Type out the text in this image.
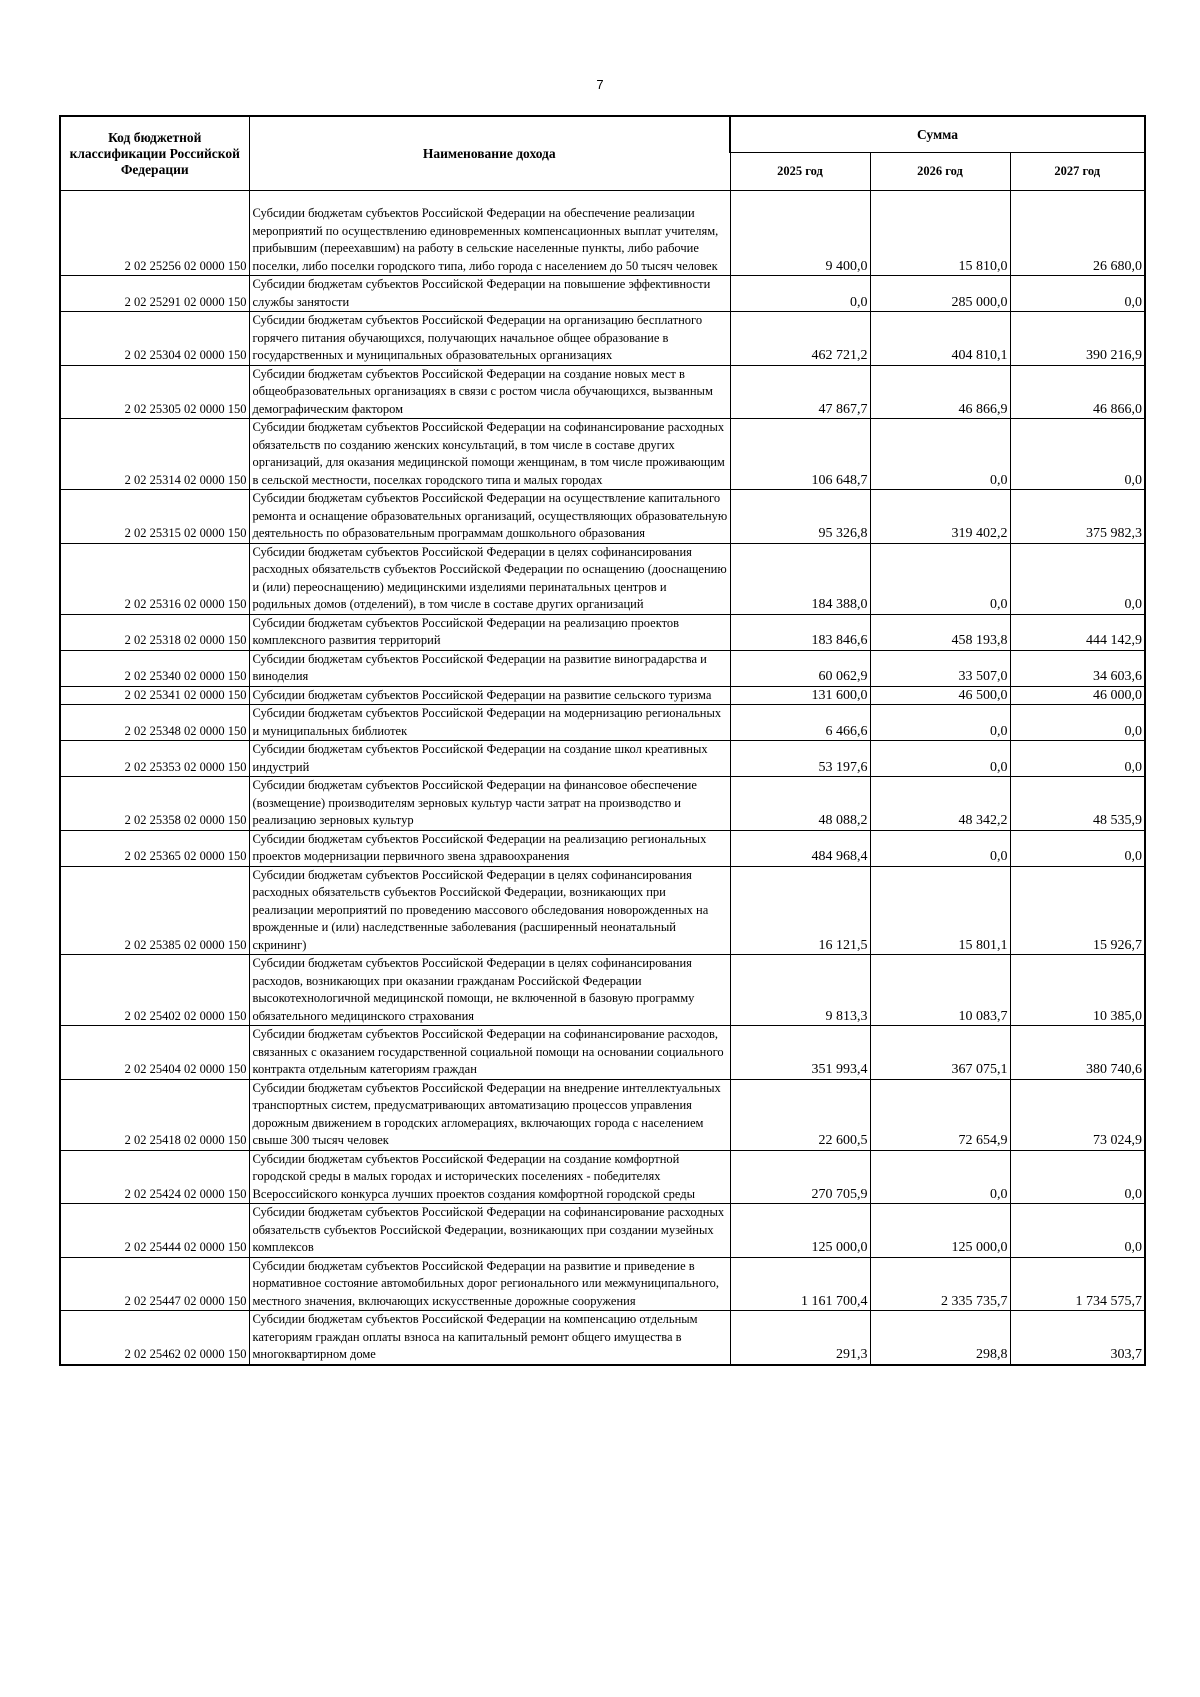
7
Код бюджетной классификации Российской Федерации	Наименование дохода	Сумма		
		2025 год	2026 год	2027 год
2 02 25256 02 0000 150	Субсидии бюджетам субъектов Российской Федерации на обеспечение реализации мероприятий по осуществлению единовременных компенсационных выплат учителям, прибывшим (переехавшим) на работу в сельские населенные пункты, либо рабочие поселки, либо поселки городского типа, либо города с населением до 50 тысяч человек	9 400,0	15 810,0	26 680,0
2 02 25291 02 0000 150	Субсидии бюджетам субъектов Российской Федерации на повышение эффективности службы занятости	0,0	285 000,0	0,0
2 02 25304 02 0000 150	Субсидии бюджетам субъектов Российской Федерации на организацию бесплатного горячего питания обучающихся, получающих начальное общее образование в государственных и муниципальных образовательных организациях	462 721,2	404 810,1	390 216,9
2 02 25305 02 0000 150	Субсидии бюджетам субъектов Российской Федерации на создание новых мест в общеобразовательных организациях в связи с ростом числа обучающихся, вызванным демографическим фактором	47 867,7	46 866,9	46 866,0
2 02 25314 02 0000 150	Субсидии бюджетам субъектов Российской Федерации на софинансирование расходных обязательств по созданию женских консультаций, в том числе в составе других организаций, для оказания медицинской помощи женщинам, в том числе проживающим в сельской местности, поселках городского типа и малых городах	106 648,7	0,0	0,0
2 02 25315 02 0000 150	Субсидии бюджетам субъектов Российской Федерации на осуществление капитального ремонта и оснащение образовательных организаций, осуществляющих образовательную деятельность по образовательным программам дошкольного образования	95 326,8	319 402,2	375 982,3
2 02 25316 02 0000 150	Субсидии бюджетам субъектов Российской Федерации в целях софинансирования расходных обязательств субъектов Российской Федерации по оснащению (дооснащению и (или) переоснащению) медицинскими изделиями перинатальных центров и родильных домов (отделений), в том числе в составе других организаций	184 388,0	0,0	0,0
2 02 25318 02 0000 150	Субсидии бюджетам субъектов Российской Федерации на реализацию проектов комплексного развития территорий	183 846,6	458 193,8	444 142,9
2 02 25340 02 0000 150	Субсидии бюджетам субъектов Российской Федерации на развитие виноградарства и виноделия	60 062,9	33 507,0	34 603,6
2 02 25341 02 0000 150	Субсидии бюджетам субъектов Российской Федерации на развитие сельского туризма	131 600,0	46 500,0	46 000,0
2 02 25348 02 0000 150	Субсидии бюджетам субъектов Российской Федерации на модернизацию региональных и муниципальных библиотек	6 466,6	0,0	0,0
2 02 25353 02 0000 150	Субсидии бюджетам субъектов Российской Федерации на создание школ креативных индустрий	53 197,6	0,0	0,0
2 02 25358 02 0000 150	Субсидии бюджетам субъектов Российской Федерации на финансовое обеспечение (возмещение) производителям зерновых культур части затрат на производство и реализацию зерновых культур	48 088,2	48 342,2	48 535,9
2 02 25365 02 0000 150	Субсидии бюджетам субъектов Российской Федерации на реализацию региональных проектов модернизации первичного звена здравоохранения	484 968,4	0,0	0,0
2 02 25385 02 0000 150	Субсидии бюджетам субъектов Российской Федерации в целях софинансирования расходных обязательств субъектов Российской Федерации, возникающих при реализации мероприятий по проведению массового обследования новорожденных на врожденные и (или) наследственные заболевания (расширенный неонатальный скрининг)	16 121,5	15 801,1	15 926,7
2 02 25402 02 0000 150	Субсидии бюджетам субъектов Российской Федерации в целях софинансирования расходов, возникающих при оказании гражданам Российской Федерации высокотехнологичной медицинской помощи, не включенной в базовую программу обязательного медицинского страхования	9 813,3	10 083,7	10 385,0
2 02 25404 02 0000 150	Субсидии бюджетам субъектов Российской Федерации на софинансирование расходов, связанных с оказанием государственной социальной помощи на основании социального контракта отдельным категориям граждан	351 993,4	367 075,1	380 740,6
2 02 25418 02 0000 150	Субсидии бюджетам субъектов Российской Федерации на внедрение интеллектуальных транспортных систем, предусматривающих автоматизацию процессов управления дорожным движением в городских агломерациях, включающих города с населением свыше 300 тысяч человек	22 600,5	72 654,9	73 024,9
2 02 25424 02 0000 150	Субсидии бюджетам субъектов Российской Федерации на создание комфортной городской среды в малых городах и исторических поселениях - победителях Всероссийского конкурса лучших проектов создания комфортной городской среды	270 705,9	0,0	0,0
2 02 25444 02 0000 150	Субсидии бюджетам субъектов Российской Федерации на софинансирование расходных обязательств субъектов Российской Федерации, возникающих при создании музейных комплексов	125 000,0	125 000,0	0,0
2 02 25447 02 0000 150	Субсидии бюджетам субъектов Российской Федерации на развитие и приведение в нормативное состояние автомобильных дорог регионального или межмуниципального, местного значения, включающих искусственные дорожные сооружения	1 161 700,4	2 335 735,7	1 734 575,7
2 02 25462 02 0000 150	Субсидии бюджетам субъектов Российской Федерации на компенсацию отдельным категориям граждан оплаты взноса на капитальный ремонт общего имущества в многоквартирном доме	291,3	298,8	303,7
